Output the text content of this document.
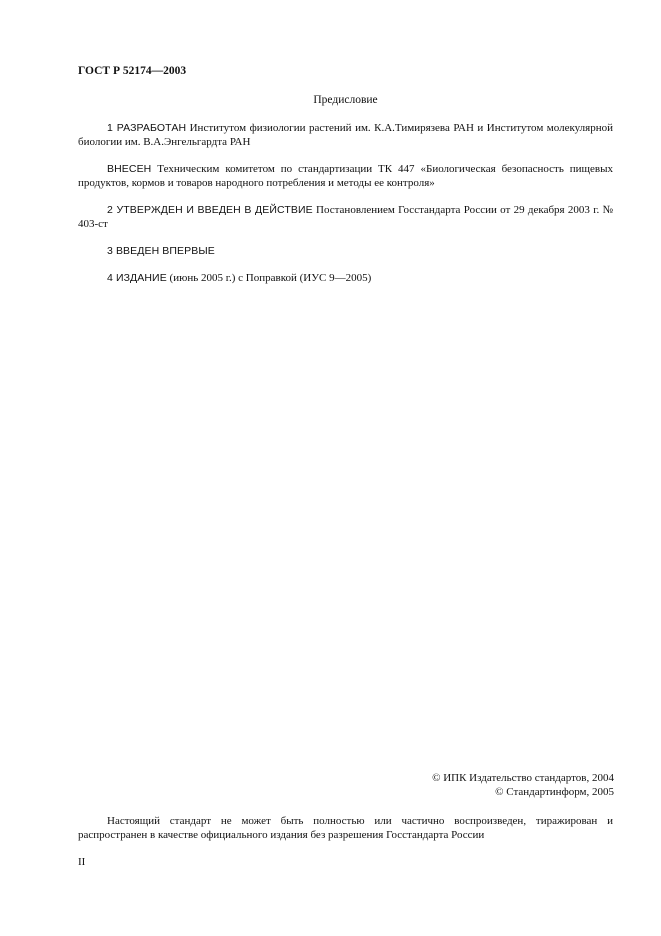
ГОСТ Р 52174—2003
Предисловие

1 РАЗРАБОТАН Институтом физиологии растений им. К.А.Тимирязева РАН и Институтом молекулярной биологии им. В.А.Энгельгардта РАН

ВНЕСЕН Техническим комитетом по стандартизации ТК 447 «Биологическая безопасность пищевых продуктов, кормов и товаров народного потребления и методы ее контроля»

2 УТВЕРЖДЕН И ВВЕДЕН В ДЕЙСТВИЕ Постановлением Госстандарта России от 29 декабря 2003 г. № 403-ст

3 ВВЕДЕН ВПЕРВЫЕ

4 ИЗДАНИЕ (июнь 2005 г.) с Поправкой (ИУС 9—2005)

© ИПК Издательство стандартов, 2004
© Стандартинформ, 2005
Настоящий стандарт не может быть полностью или частично воспроизведен, тиражирован и распространен в качестве официального издания без разрешения Госстандарта России
II
